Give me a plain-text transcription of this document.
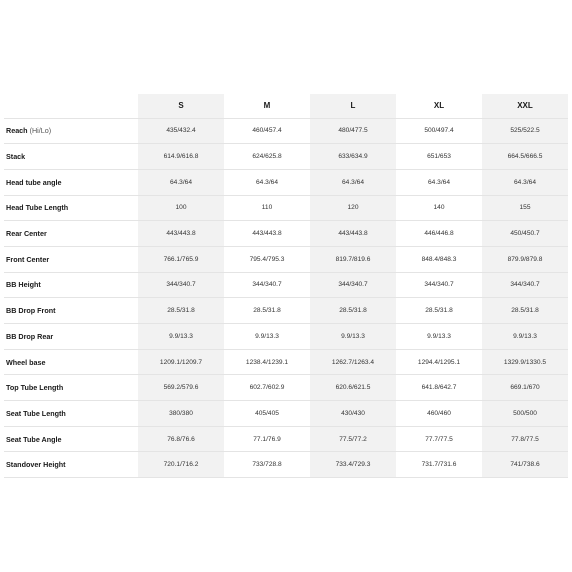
	S	M	L	XL	XXL
Reach (Hi/Lo)	435/432.4	460/457.4	480/477.5	500/497.4	525/522.5
Stack	614.9/616.8	624/625.8	633/634.9	651/653	664.5/666.5
Head tube angle	64.3/64	64.3/64	64.3/64	64.3/64	64.3/64
Head Tube Length	100	110	120	140	155
Rear Center	443/443.8	443/443.8	443/443.8	446/446.8	450/450.7
Front Center	766.1/765.9	795.4/795.3	819.7/819.6	848.4/848.3	879.9/879.8
BB Height	344/340.7	344/340.7	344/340.7	344/340.7	344/340.7
BB Drop Front	28.5/31.8	28.5/31.8	28.5/31.8	28.5/31.8	28.5/31.8
BB Drop Rear	9.9/13.3	9.9/13.3	9.9/13.3	9.9/13.3	9.9/13.3
Wheel base	1209.1/1209.7	1238.4/1239.1	1262.7/1263.4	1294.4/1295.1	1329.9/1330.5
Top Tube Length	569.2/579.6	602.7/602.9	620.6/621.5	641.8/642.7	669.1/670
Seat Tube Length	380/380	405/405	430/430	460/460	500/500
Seat Tube Angle	76.8/76.6	77.1/76.9	77.5/77.2	77.7/77.5	77.8/77.5
Standover Height	720.1/716.2	733/728.8	733.4/729.3	731.7/731.6	741/738.6
